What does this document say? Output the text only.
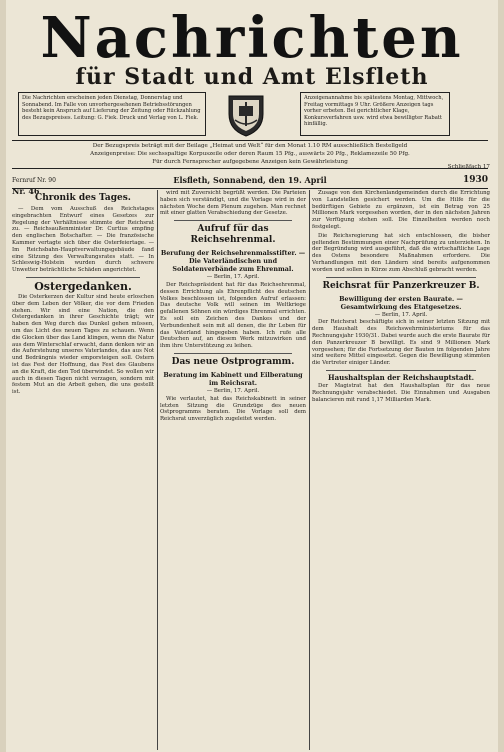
Nachrichten
für Stadt und Amt Elsfleth
Die Nachrichten erscheinen jeden Dienstag, Donnerstag und Sonnabend. Im Falle von unvorhergesehenen Betriebsstörungen besteht kein Anspruch auf Lieferung der Zeitung oder Rückzahlung des Bezugspreises. Leitung: G. Fiek. Druck und Verlag von L. Fiek.
Anzeigenannahme bis spätestens Montag, Mittwoch, Freitag vormittags 9 Uhr. Größere Anzeigen tags vorher erbeten. Bei gerichtlicher Klage, Konkursverfahren usw. wird etwa bewilligter Rabatt hinfällig.
Der Bezugspreis beträgt mit der Beilage „Heimat und Welt“ für den Monat 1.10 RM ausschließlich Bestellgeld
Anzeigenpreise: Die sechsspaltige Korpuszeile oder deren Raum 15 Pfg., auswärts 20 Pfg., Reklamezeile 50 Pfg.
Für durch Fernsprecher aufgegebene Anzeigen kein Gewährleistung
Fernruf Nr. 90	Elsfleth, Sonnabend, den 19. April	1930
Nr. 46
Schließfach 17
Chronik des Tages.

— Dem vom Ausschuß des Reichstages eingebrachten Entwurf eines Gesetzes zur Regelung der Verhältnisse stimmte der Reichsrat zu. — Reichsaußenminister Dr. Curtius empfing den englischen Botschafter. — Die französische Kammer vertagte sich über die Osterfeiertage. — Im Reichsbahn-Hauptverwaltungsgebäude fand eine Sitzung des Verwaltungsrates statt. — In Schleswig-Holstein wurden durch schwere Unwetter beträchtliche Schäden angerichtet.

Ostergedanken.

Die Osterkerzen der Kultur sind heute erloschen über dem Leben der Völker, die vor dem Frieden stehen. Wir sind eine Nation, die den Ostergedanken in ihrer Geschichte trägt; wir haben den Weg durch das Dunkel gehen müssen, um das Licht des neuen Tages zu schauen. Wenn die Glocken über das Land klingen, wenn die Natur aus dem Winterschlaf erwacht, dann denken wir an die Auferstehung unseres Vaterlandes, das aus Not und Bedrängnis wieder emporsteigen soll. Ostern ist das Fest der Hoffnung, das Fest des Glaubens an die Kraft, die den Tod überwindet. So wollen wir auch in diesen Tagen nicht verzagen, sondern mit festem Mut an die Arbeit gehen, die uns gestellt ist.

wird mit Zuversicht begrüßt werden. Die Parteien haben sich verständigt, und die Vorlage wird in der nächsten Woche dem Plenum zugehen. Man rechnet mit einer glatten Verabschiedung der Gesetze.

Aufruf für das Reichsehrenmal.
Berufung der Reichsehrenmalsstifter. — Die Vaterländischen und Soldatenverbände zum Ehrenmal.
— Berlin, 17. April.

Der Reichspräsident hat für das Reichsehrenmal, dessen Errichtung als Ehrenpflicht des deutschen Volkes beschlossen ist, folgenden Aufruf erlassen: Das deutsche Volk will seinen im Weltkriege gefallenen Söhnen ein würdiges Ehrenmal errichten. Es soll ein Zeichen des Dankes und der Verbundenheit sein mit all denen, die ihr Leben für das Vaterland hingegeben haben. Ich rufe alle Deutschen auf, an diesem Werk mitzuwirken und ihm ihre Unterstützung zu leihen.

Das neue Ostprogramm.
Beratung im Kabinett und Eilberatung im Reichsrat.
— Berlin, 17. April.

Wie verlautet, hat das Reichskabinett in seiner letzten Sitzung die Grundzüge des neuen Ostprogramms beraten. Die Vorlage soll dem Reichsrat unverzüglich zugeleitet werden.

Zusage von den Kirchenlandgemeinden durch die Errichtung von Landstellen gesichert werden. Um die Hilfe für die bedürftigen Gebiete zu ergänzen, ist ein Betrag von 25 Millionen Mark vorgesehen worden, der in den nächsten Jahren zur Verfügung stehen soll. Die Einzelheiten werden noch festgelegt.

Die Reichsregierung hat sich entschlossen, die bisher geltenden Bestimmungen einer Nachprüfung zu unterziehen. In der Begründung wird ausgeführt, daß die wirtschaftliche Lage des Ostens besondere Maßnahmen erfordere. Die Verhandlungen mit den Ländern sind bereits aufgenommen worden und sollen in Kürze zum Abschluß gebracht werden.

Reichsrat für Panzerkreuzer B.
Bewilligung der ersten Baurate. — Gesamtwirkung des Etatgesetzes.
— Berlin, 17. April.

Der Reichsrat beschäftigte sich in seiner letzten Sitzung mit dem Haushalt des Reichswehrministeriums für das Rechnungsjahr 1930/31. Dabei wurde auch die erste Baurate für den Panzerkreuzer B bewilligt. Es sind 9 Millionen Mark vorgesehen; für die Fortsetzung der Bauten im folgenden Jahre sind weitere Mittel eingesetzt. Gegen die Bewilligung stimmten die Vertreter einiger Länder.

Haushaltsplan der Reichshauptstadt.

Der Magistrat hat den Haushaltsplan für das neue Rechnungsjahr verabschiedet. Die Einnahmen und Ausgaben balancieren mit rund 1,17 Milliarden Mark.
